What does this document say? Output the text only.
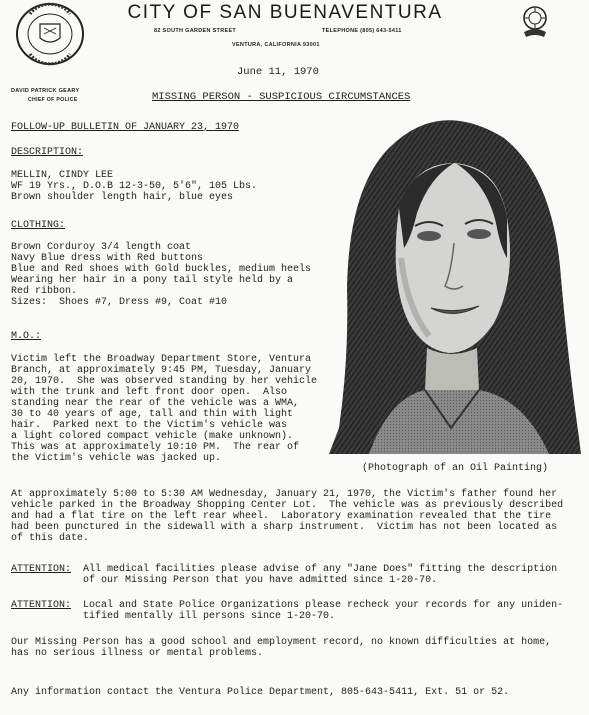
CITY OF SAN BUENAVENTURA
82 SOUTH GARDEN STREET	TELEPHONE (805) 643-5411
VENTURA, CALIFORNIA 93001
June 11, 1970
DAVID PATRICK GEARY
CHIEF OF POLICE	MISSING PERSON - SUSPICIOUS CIRCUMSTANCES
FOLLOW-UP BULLETIN OF JANUARY 23, 1970
DESCRIPTION:
MELLIN, CINDY LEE
WF 19 Yrs., D.O.B 12-3-50, 5'6", 105 Lbs.
Brown shoulder length hair, blue eyes
CLOTHING:
Brown Corduroy 3/4 length coat
Navy Blue dress with Red buttons
Blue and Red shoes with Gold buckles, medium heels
Wearing her hair in a pony tail style held by a
Red ribbon.
Sizes:  Shoes #7, Dress #9, Coat #10
M.O.:
Victim left the Broadway Department Store, Ventura
Branch, at approximately 9:45 PM, Tuesday, January
20, 1970.  She was observed standing by her vehicle
with the trunk and left front door open.  Also
standing near the rear of the vehicle was a WMA,
30 to 40 years of age, tall and thin with light
hair.  Parked next to the Victim's vehicle was
a light colored compact vehicle (make unknown).
This was at approximately 10:10 PM.  The rear of
the Victim's vehicle was jacked up.
(Photograph of an Oil Painting)
At approximately 5:00 to 5:30 AM Wednesday, January 21, 1970, the Victim's father found her
vehicle parked in the Broadway Shopping Center Lot.  The vehicle was as previously described
and had a flat tire on the left rear wheel.  Laboratory examination revealed that the tire
had been punctured in the sidewall with a sharp instrument.  Victim has not been located as
of this date.
ATTENTION:  All medical facilities please advise of any "Jane Does" fitting the description
of our Missing Person that you have admitted since 1-20-70.
ATTENTION:  Local and State Police Organizations please recheck your records for any uniden-
tified mentally ill persons since 1-20-70.
Our Missing Person has a good school and employment record, no known difficulties at home,
has no serious illness or mental problems.
Any information contact the Ventura Police Department, 805-643-5411, Ext. 51 or 52.
